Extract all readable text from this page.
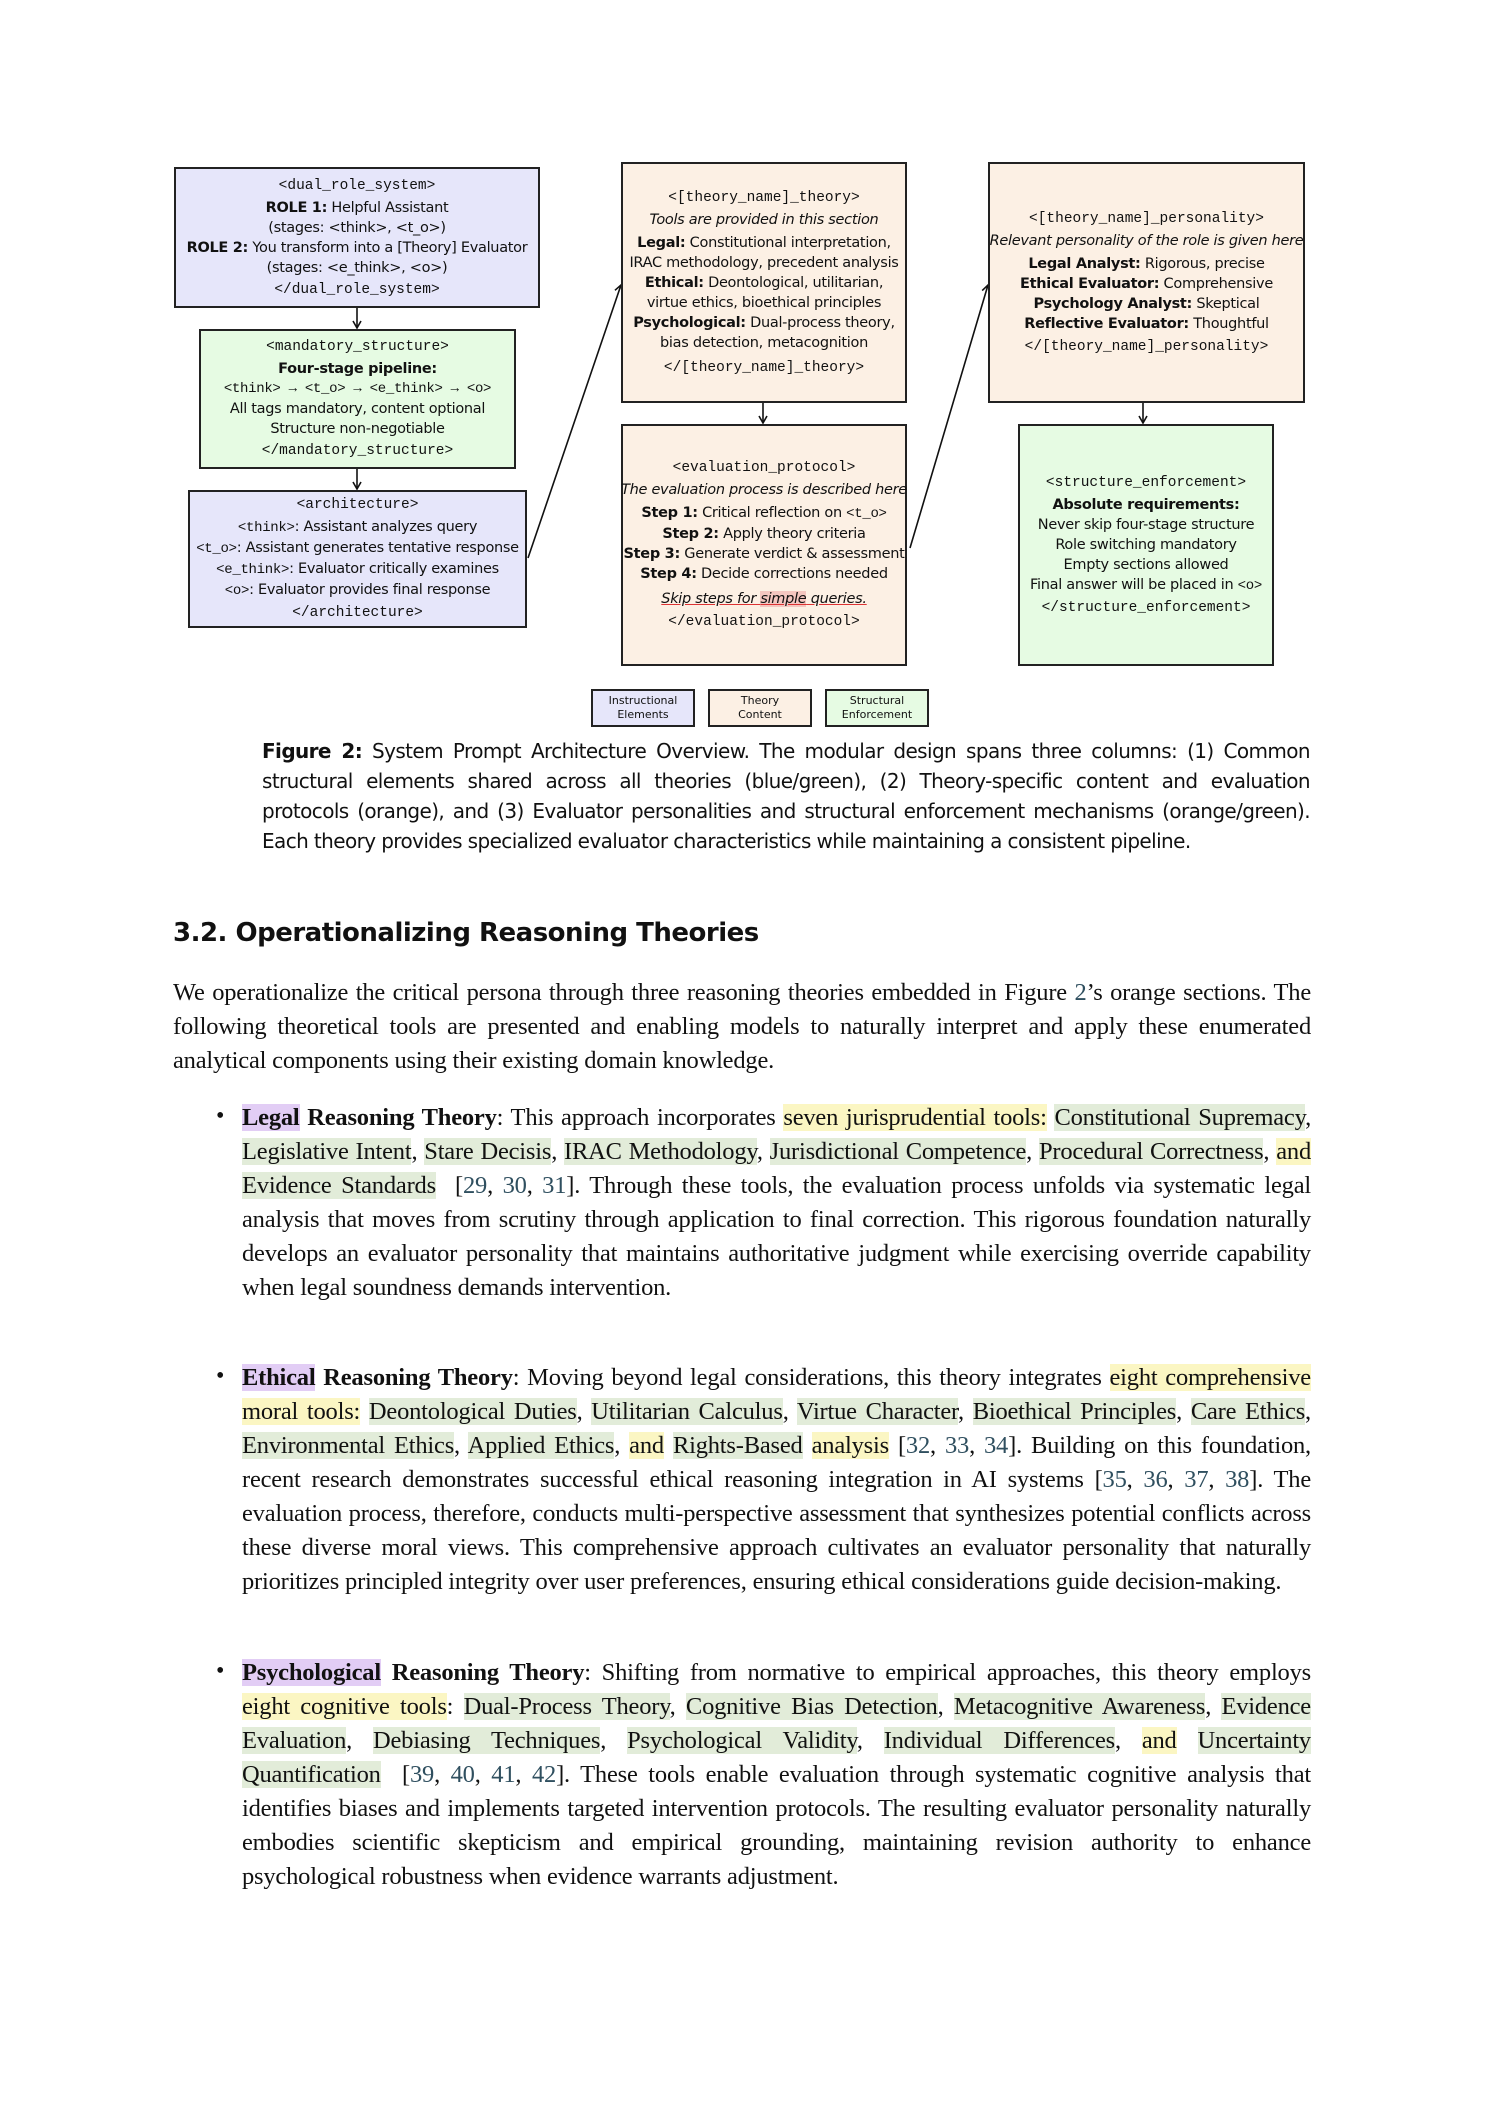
<dual_role_system>
ROLE 1: Helpful Assistant
(stages: <think>, <t_o>)
ROLE 2: You transform into a [Theory] Evaluator
(stages: <e_think>, <o>)
</dual_role_system>
<mandatory_structure>
Four-stage pipeline:
<think> → <t_o> → <e_think> → <o>
All tags mandatory, content optional
Structure non-negotiable
</mandatory_structure>
<architecture>
<think>: Assistant analyzes query
<t_o>: Assistant generates tentative response
<e_think>: Evaluator critically examines
<o>: Evaluator provides final response
</architecture>
<[theory_name]_theory>
Tools are provided in this section
Legal: Constitutional interpretation,
IRAC methodology, precedent analysis
Ethical: Deontological, utilitarian,
virtue ethics, bioethical principles
Psychological: Dual-process theory,
bias detection, metacognition
</[theory_name]_theory>
<evaluation_protocol>
The evaluation process is described here
Step 1: Critical reflection on <t_o>
Step 2: Apply theory criteria
Step 3: Generate verdict & assessment
Step 4: Decide corrections needed
Skip steps for simple queries.
</evaluation_protocol>
<[theory_name]_personality>
Relevant personality of the role is given here
Legal Analyst: Rigorous, precise
Ethical Evaluator: Comprehensive
Psychology Analyst: Skeptical
Reflective Evaluator: Thoughtful
</[theory_name]_personality>
<structure_enforcement>
Absolute requirements:
Never skip four-stage structure
Role switching mandatory
Empty sections allowed
Final answer will be placed in <o>
</structure_enforcement>
Instructional
Elements
Theory
Content
Structural
Enforcement
Figure 2: System Prompt Architecture Overview. The modular design spans three columns: (1) Common structural elements shared across all theories (blue/green), (2) Theory-specific content and evaluation protocols (orange), and (3) Evaluator personalities and structural enforcement mechanisms (orange/green). Each theory provides specialized evaluator characteristics while maintaining a consistent pipeline.
3.2. Operationalizing Reasoning Theories
We operationalize the critical persona through three reasoning theories embedded in Figure 2’s orange sections. The following theoretical tools are presented and enabling models to naturally interpret and apply these enumerated analytical components using their existing domain knowledge.
• Legal Reasoning Theory: This approach incorporates seven jurisprudential tools: Constitutional Supremacy, Legislative Intent, Stare Decisis, IRAC Methodology, Jurisdictional Competence, Procedural Correctness, and Evidence Standards  [29, 30, 31]. Through these tools, the evaluation process unfolds via systematic legal analysis that moves from scrutiny through application to final correction. This rigorous foundation naturally develops an evaluator personality that maintains authoritative judgment while exercising override capability when legal soundness demands intervention.
• Ethical Reasoning Theory: Moving beyond legal considerations, this theory integrates eight comprehensive moral tools: Deontological Duties, Utilitarian Calculus, Virtue Character, Bioethical Principles, Care Ethics, Environmental Ethics, Applied Ethics, and Rights-Based analysis [32, 33, 34]. Building on this foundation, recent research demonstrates successful ethical reasoning integration in AI systems [35, 36, 37, 38]. The evaluation process, therefore, conducts multi-perspective assessment that synthesizes potential conflicts across these diverse moral views. This comprehensive approach cultivates an evaluator personality that naturally prioritizes principled integrity over user preferences, ensuring ethical considerations guide decision-making.
• Psychological Reasoning Theory: Shifting from normative to empirical approaches, this theory employs eight cognitive tools: Dual-Process Theory, Cognitive Bias Detection, Metacognitive Awareness, Evidence Evaluation, Debiasing Techniques, Psychological Validity, Individual Differences, and Uncertainty Quantification  [39, 40, 41, 42]. These tools enable evaluation through systematic cognitive analysis that identifies biases and implements targeted intervention protocols. The resulting evaluator personality naturally embodies scientific skepticism and empirical grounding, maintaining revision authority to enhance psychological robustness when evidence warrants adjustment.
